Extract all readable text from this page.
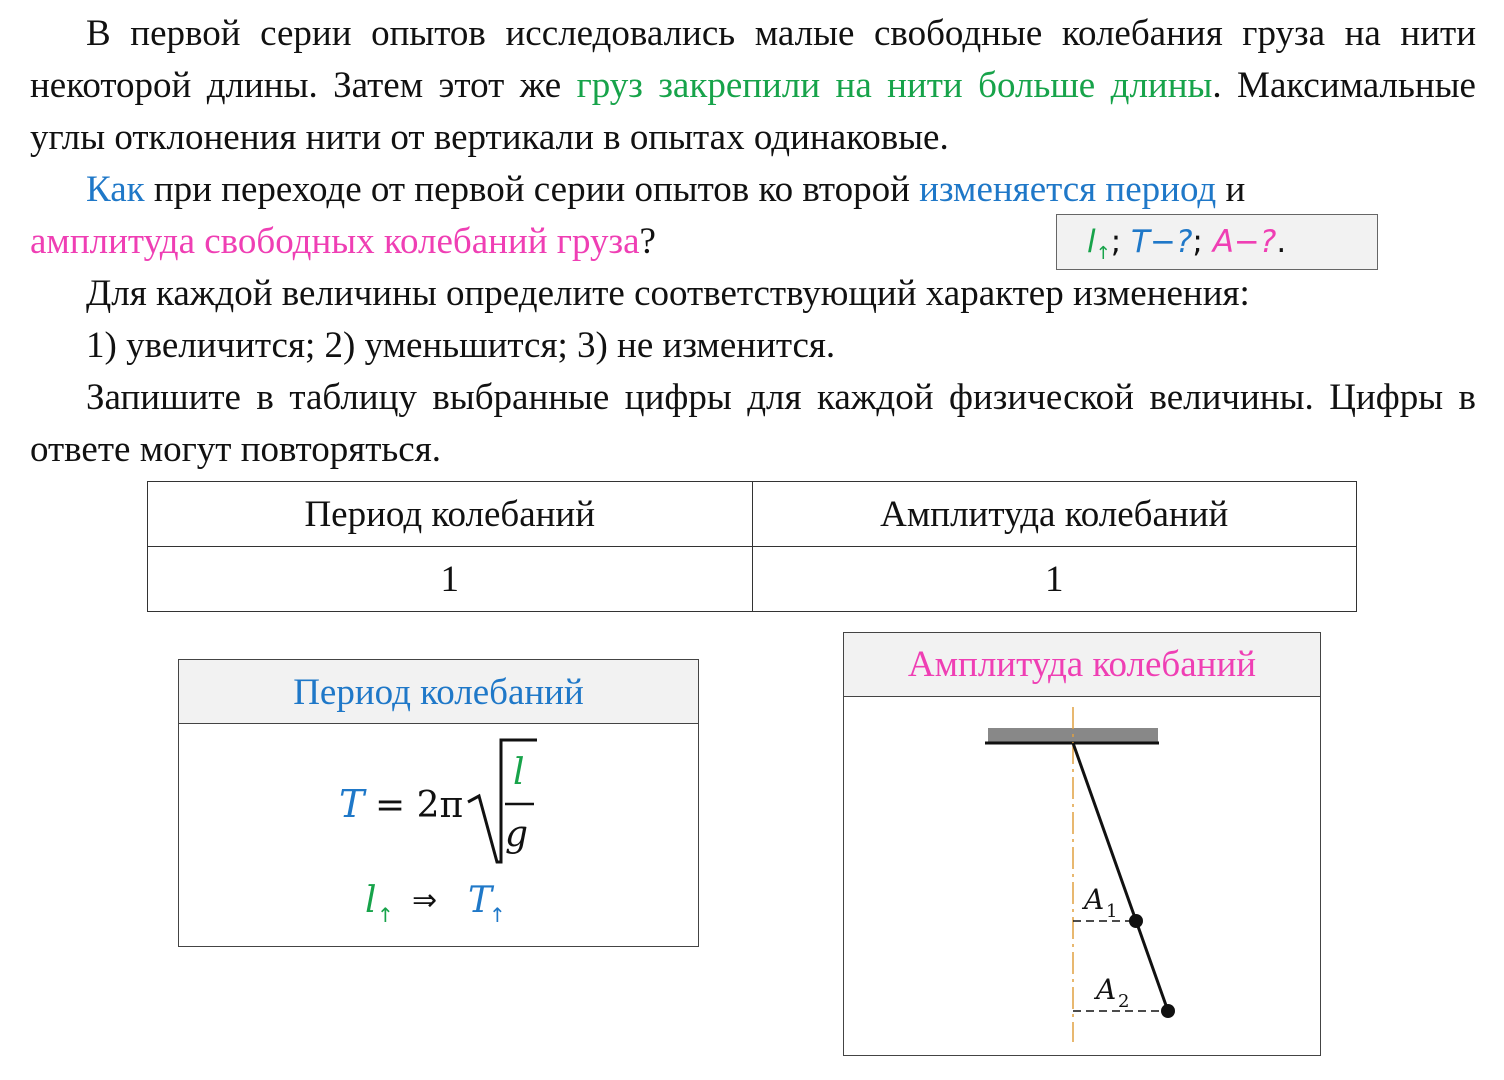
В первой серии опытов исследовались малые свободные колебания груза на нити некоторой длины. Затем этот же груз закрепили на нити больше длины. Максимальные углы отклонения нити от вертикали в опытах одинаковые.

Как при переходе от первой серии опытов ко второй изменяется период и

амплитуда свободных колебаний груза?	$l_↑$; T−?; A−?.

Для каждой величины определите соответствующий характер изменения:

1) увеличится; 2) уменьшится; 3) не изменится.

Запишите в таблицу выбранные цифры для каждой физической величины. Цифры в ответе могут повторяться.

Период колебаний	Амплитуда колебаний
1	1
Период колебаний
T = 2π
l
g
l ↑ ⇒ T
↑
Амплитуда колебаний
A 1
A 2
